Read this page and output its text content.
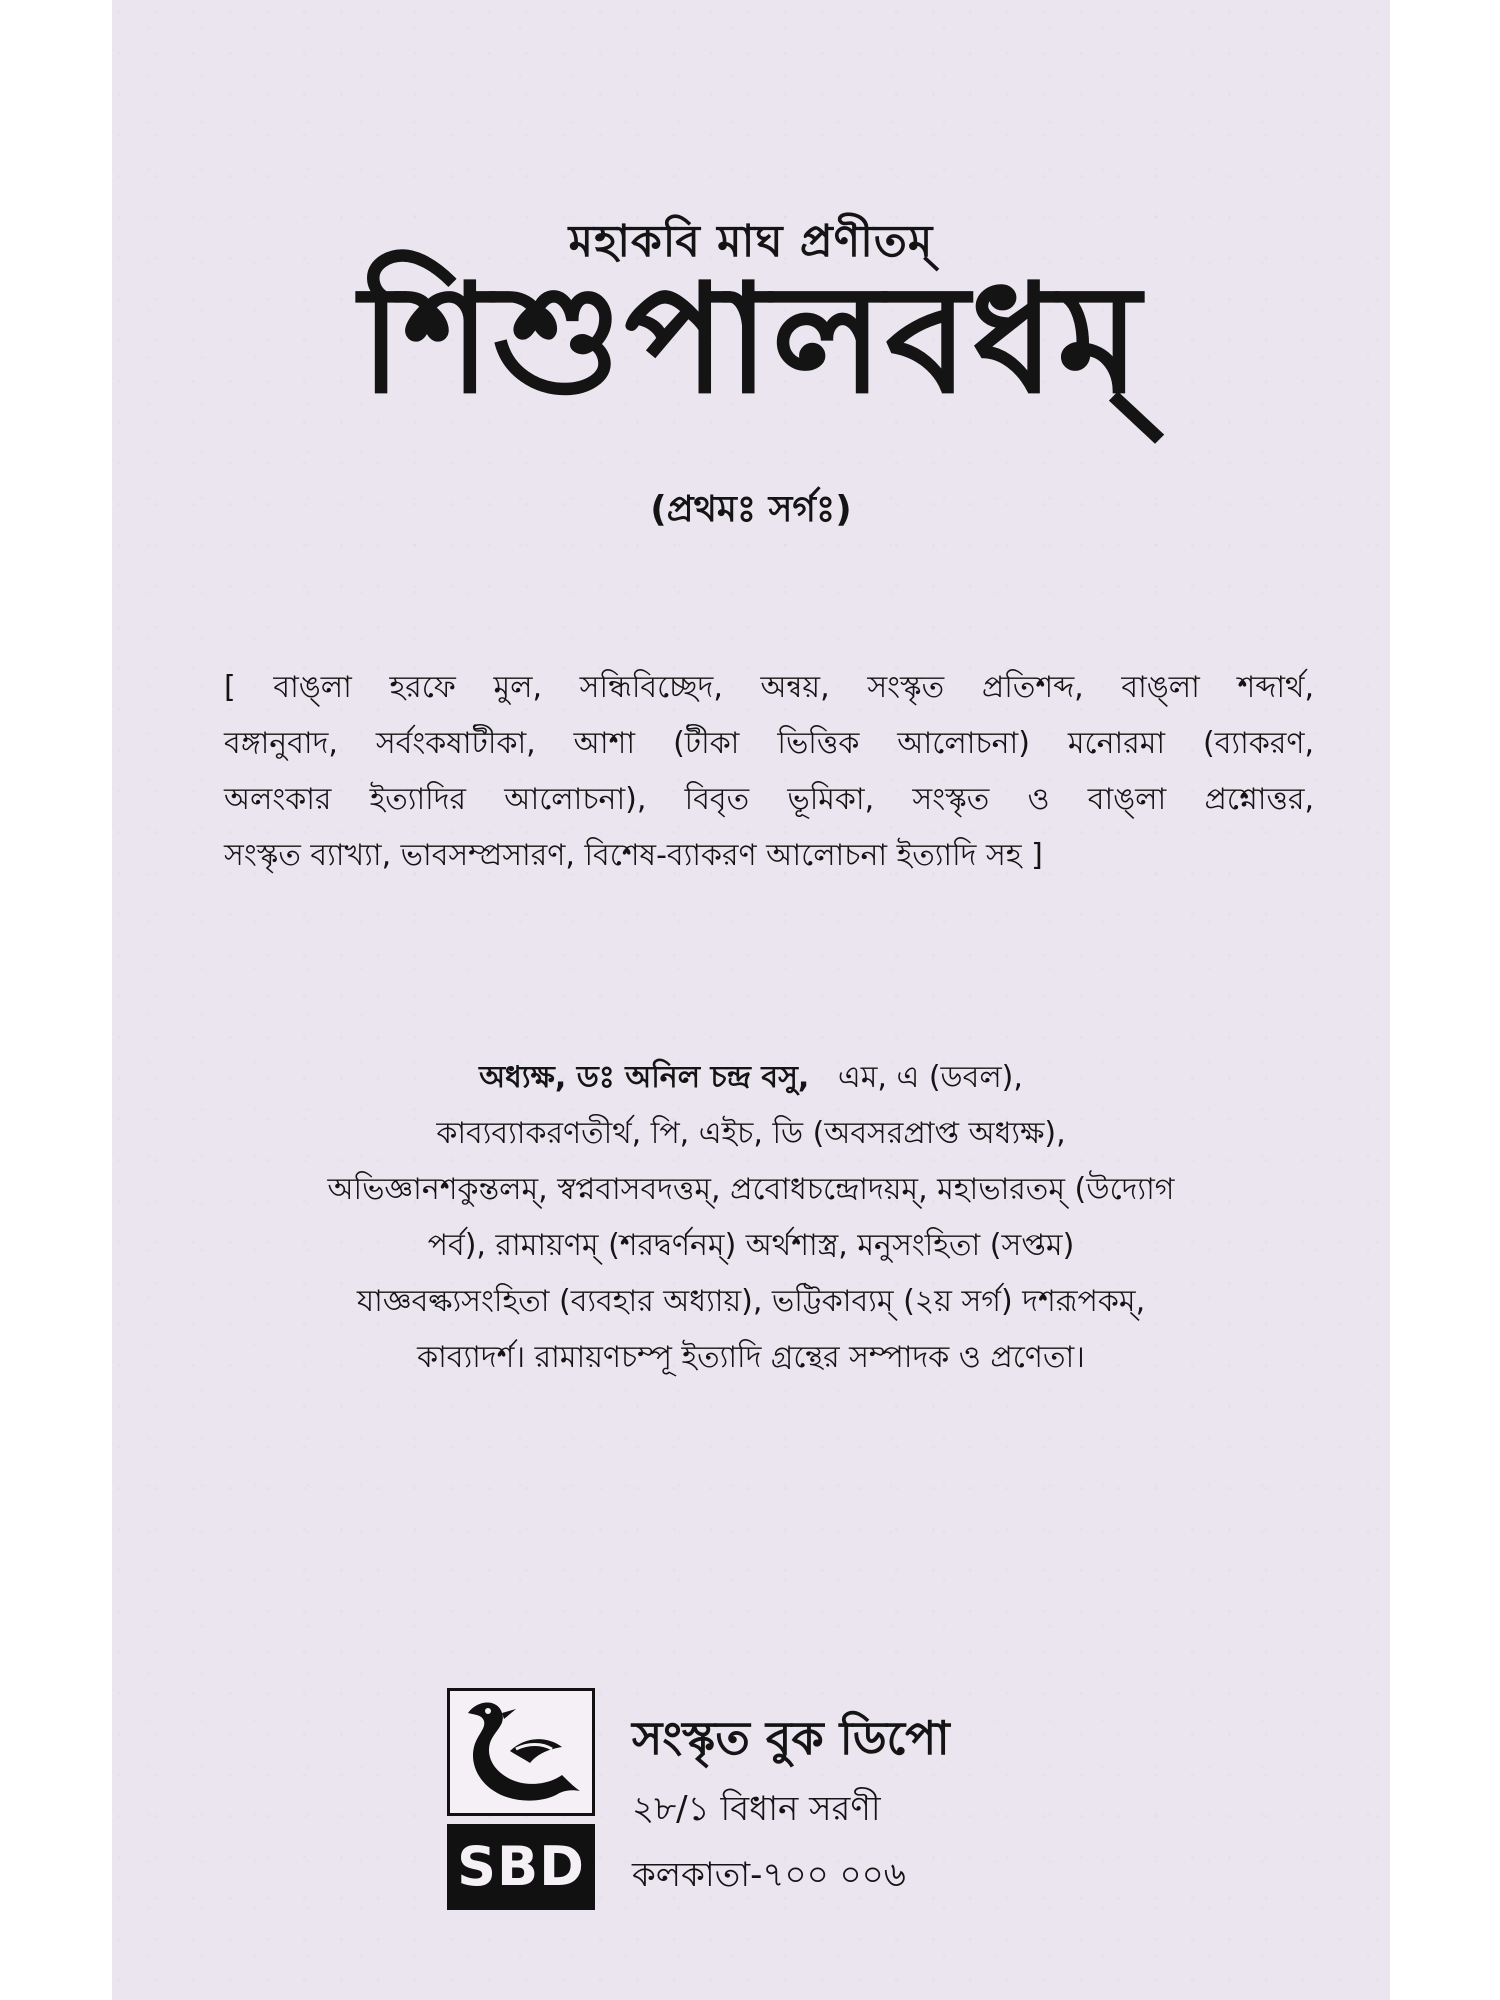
মহাকবি মাঘ প্রণীতম্
শিশুপালবধম্
(প্রথমঃ সর্গঃ)
[ বাঙ্‌লা হরফে মুল, সন্ধিবিচ্ছেদ, অন্বয়, সংস্কৃত প্রতিশব্দ, বাঙ্‌লা শব্দার্থ,
বঙ্গানুবাদ, সর্বংকষাটীকা, আশা (টীকা ভিত্তিক আলোচনা) মনোরমা (ব্যাকরণ,
অলংকার ইত্যাদির আলোচনা), বিবৃত ভূমিকা, সংস্কৃত ও বাঙ্‌লা প্রশ্নোত্তর,
সংস্কৃত ব্যাখ্যা, ভাবসম্প্রসারণ, বিশেষ-ব্যাকরণ আলোচনা ইত্যাদি সহ ]
অধ্যক্ষ, ডঃ অনিল চন্দ্র বসু, এম, এ (ডবল),
কাব্যব্যাকরণতীর্থ, পি, এইচ, ডি (অবসরপ্রাপ্ত অধ্যক্ষ),
অভিজ্ঞানশকুন্তলম্, স্বপ্নবাসবদত্তম্, প্রবোধচন্দ্রোদয়ম্, মহাভারতম্ (উদ্যোগ
পর্ব), রামায়ণম্ (শরদ্বর্ণনম্) অর্থশাস্ত্র, মনুসংহিতা (সপ্তম)
যাজ্ঞবল্ক্যসংহিতা (ব্যবহার অধ্যায়), ভট্টিকাব্যম্ (২য় সর্গ) দশরূপকম্,
কাব্যাদর্শ। রামায়ণচম্পূ ইত্যাদি গ্রন্থের সম্পাদক ও প্রণেতা।
SBD
সংস্কৃত বুক ডিপো
২৮/১ বিধান সরণী
কলকাতা-৭০০ ০০৬
